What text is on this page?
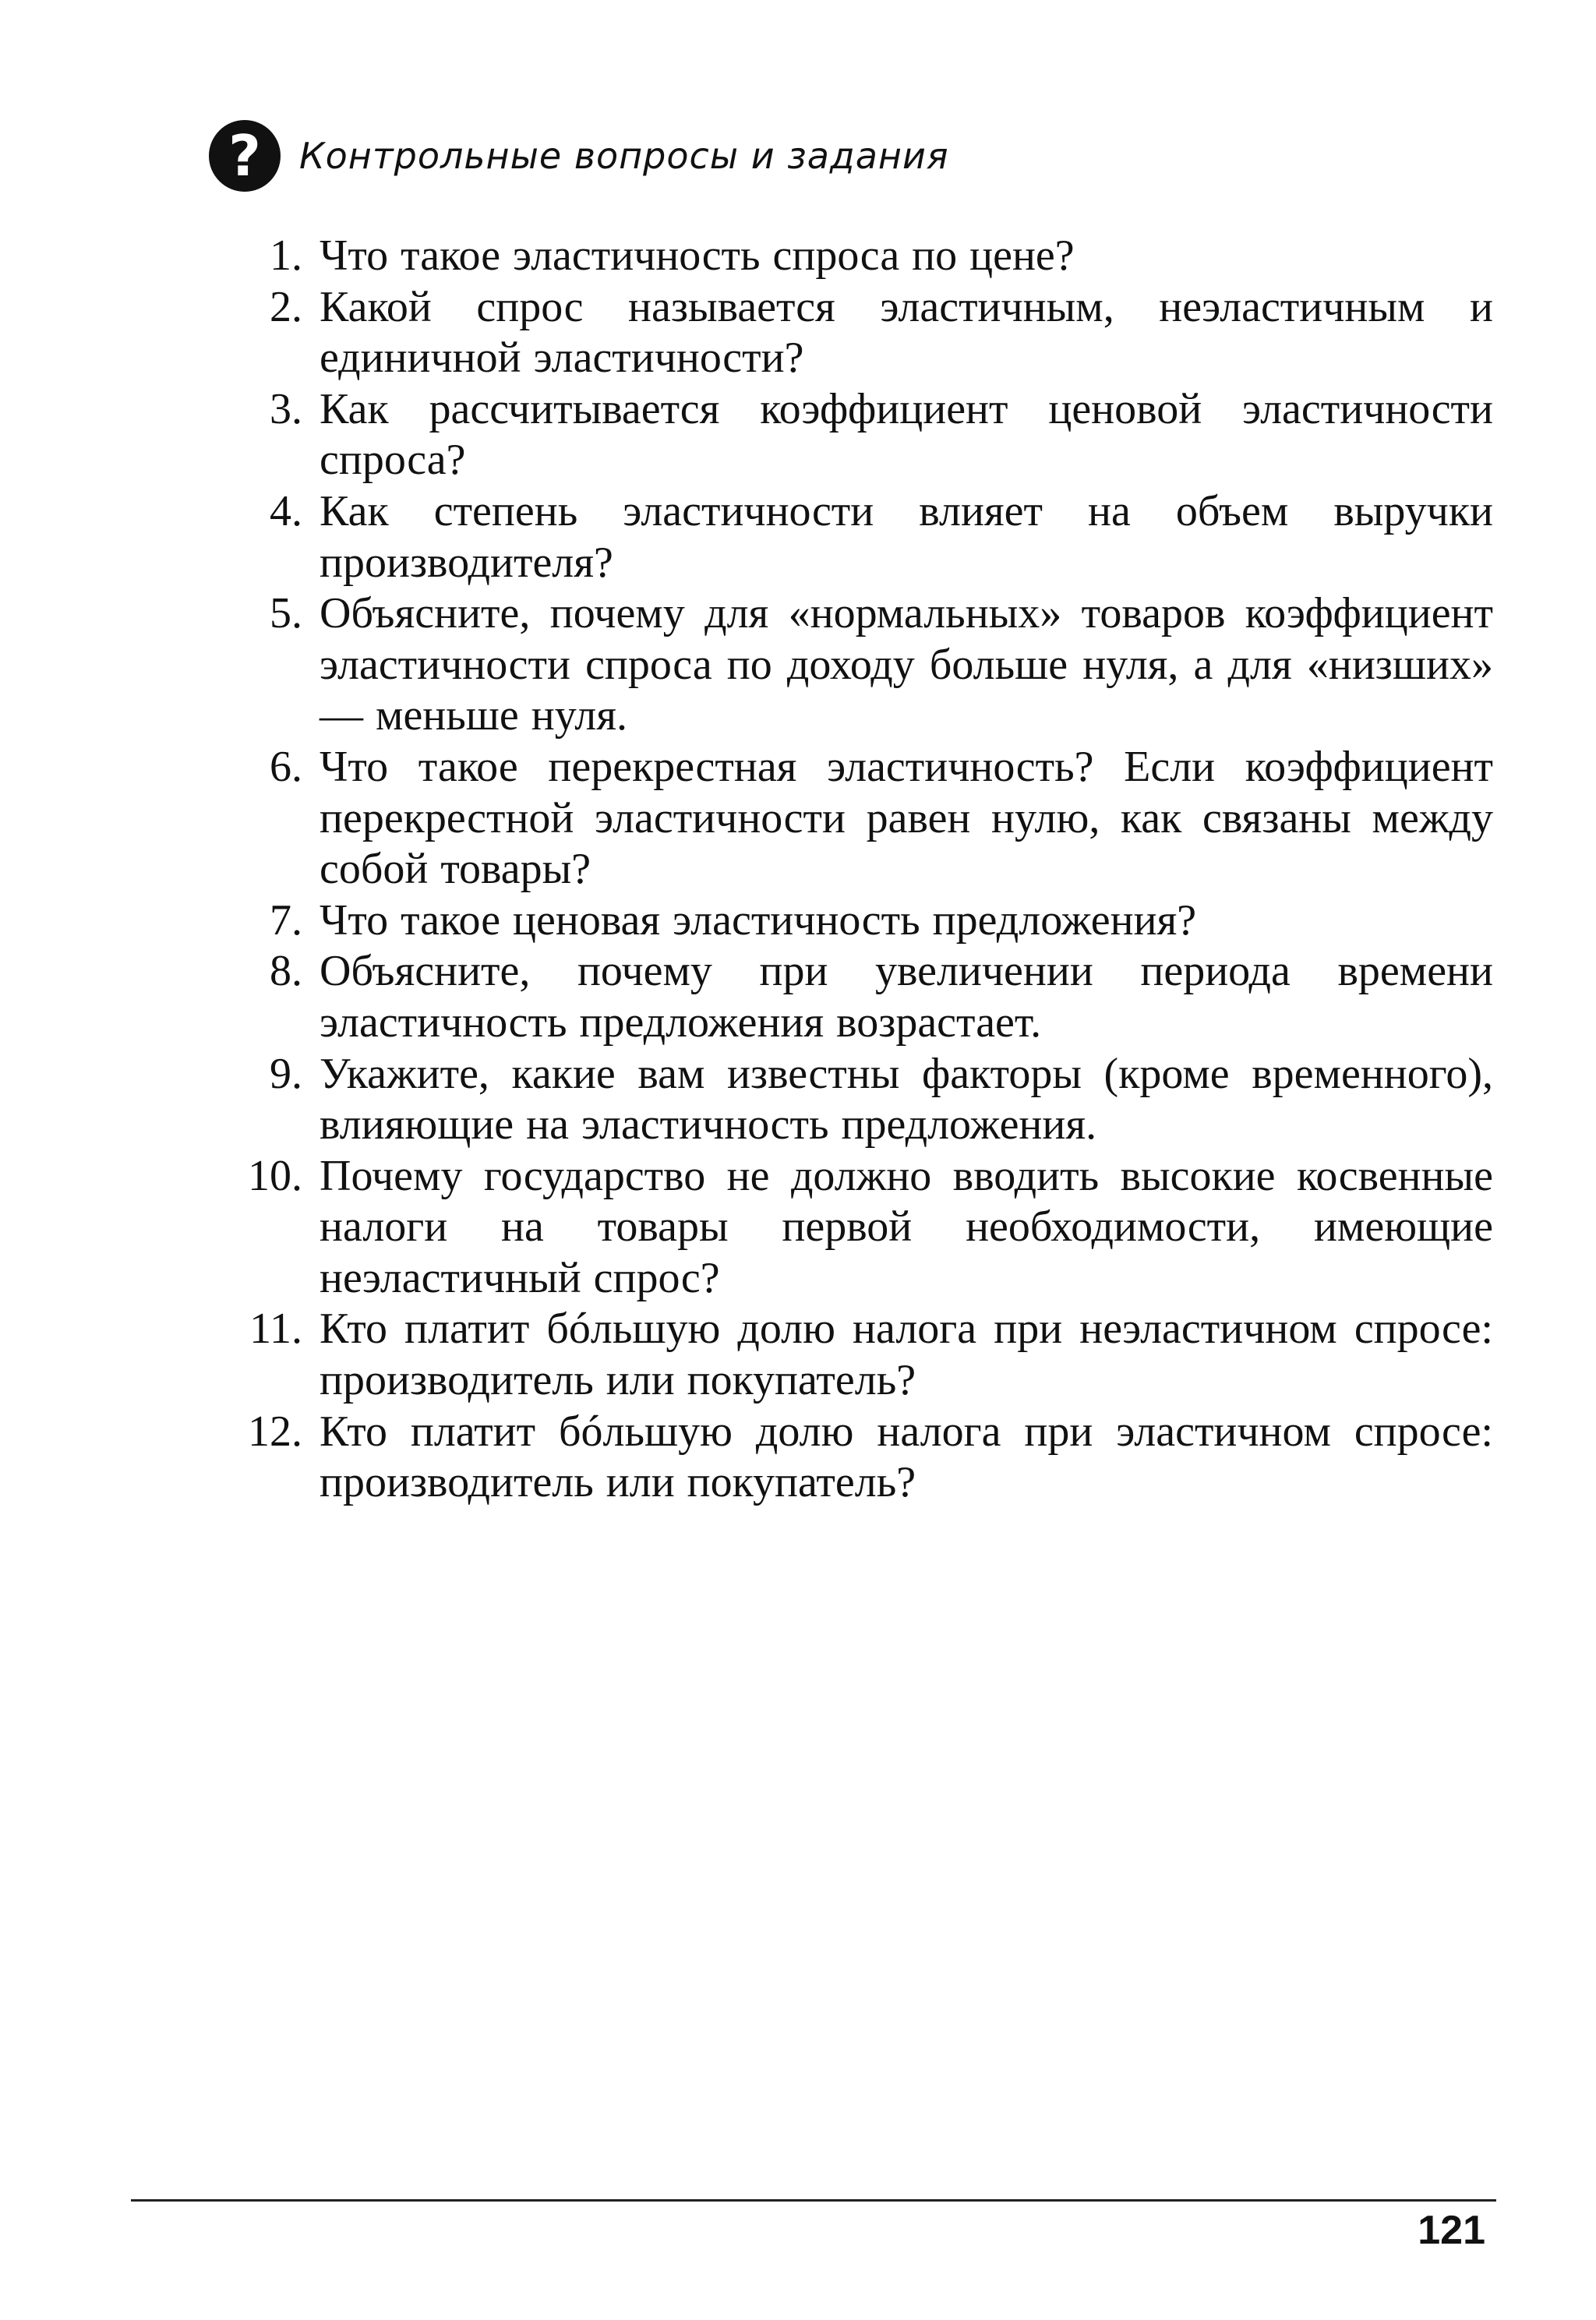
?	Контрольные вопросы и задания
1. Что такое эластичность спроса по цене?
2. Какой спрос называется эластичным, неэластичным и единичной эластичности?
3. Как рассчитывается коэффициент ценовой эластичности спроса?
4. Как степень эластичности влияет на объем выручки производителя?
5. Объясните, почему для «нормальных» товаров коэффициент эластичности спроса по доходу больше нуля, а для «низших» — меньше нуля.
6. Что такое перекрестная эластичность? Если коэффициент перекрестной эластичности равен нулю, как связаны между собой товары?
7. Что такое ценовая эластичность предложения?
8. Объясните, почему при увеличении периода времени эластичность предложения возрастает.
9. Укажите, какие вам известны факторы (кроме временного), влияющие на эластичность предложения.
10. Почему государство не должно вводить высокие косвенные налоги на товары первой необходимости, имеющие неэластичный спрос?
11. Кто платит бóльшую долю налога при неэластичном спросе: производитель или покупатель?
12. Кто платит бóльшую долю налога при эластичном спросе: производитель или покупатель?
121
